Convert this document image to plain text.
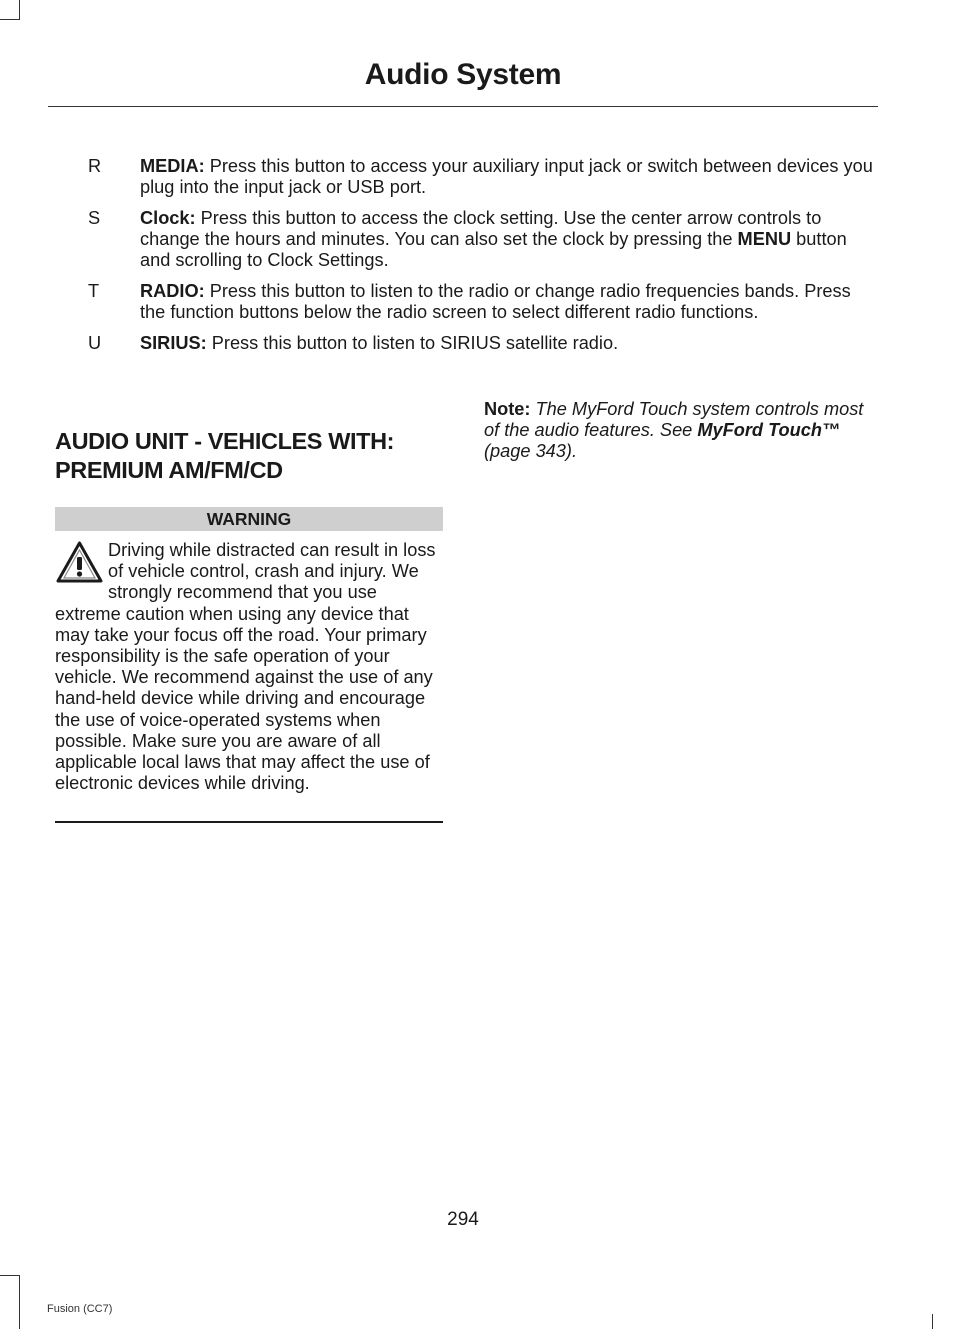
Audio System
R	MEDIA: Press this button to access your auxiliary input jack or switch between devices you plug into the input jack or USB port.
S	Clock: Press this button to access the clock setting. Use the center arrow controls to change the hours and minutes. You can also set the clock by pressing the MENU button and scrolling to Clock Settings.
T	RADIO: Press this button to listen to the radio or change radio frequencies bands. Press the function buttons below the radio screen to select different radio functions.
U	SIRIUS: Press this button to listen to SIRIUS satellite radio.
AUDIO UNIT - VEHICLES WITH: PREMIUM AM/FM/CD
WARNING
Driving while distracted can result in loss of vehicle control, crash and injury. We strongly recommend that you use extreme caution when using any device that may take your focus off the road. Your primary responsibility is the safe operation of your vehicle. We recommend against the use of any hand-held device while driving and encourage the use of voice-operated systems when possible. Make sure you are aware of all applicable local laws that may affect the use of electronic devices while driving.
Note: The MyFord Touch system controls most of the audio features. See MyFord Touch™ (page 343).
294
Fusion (CC7)
